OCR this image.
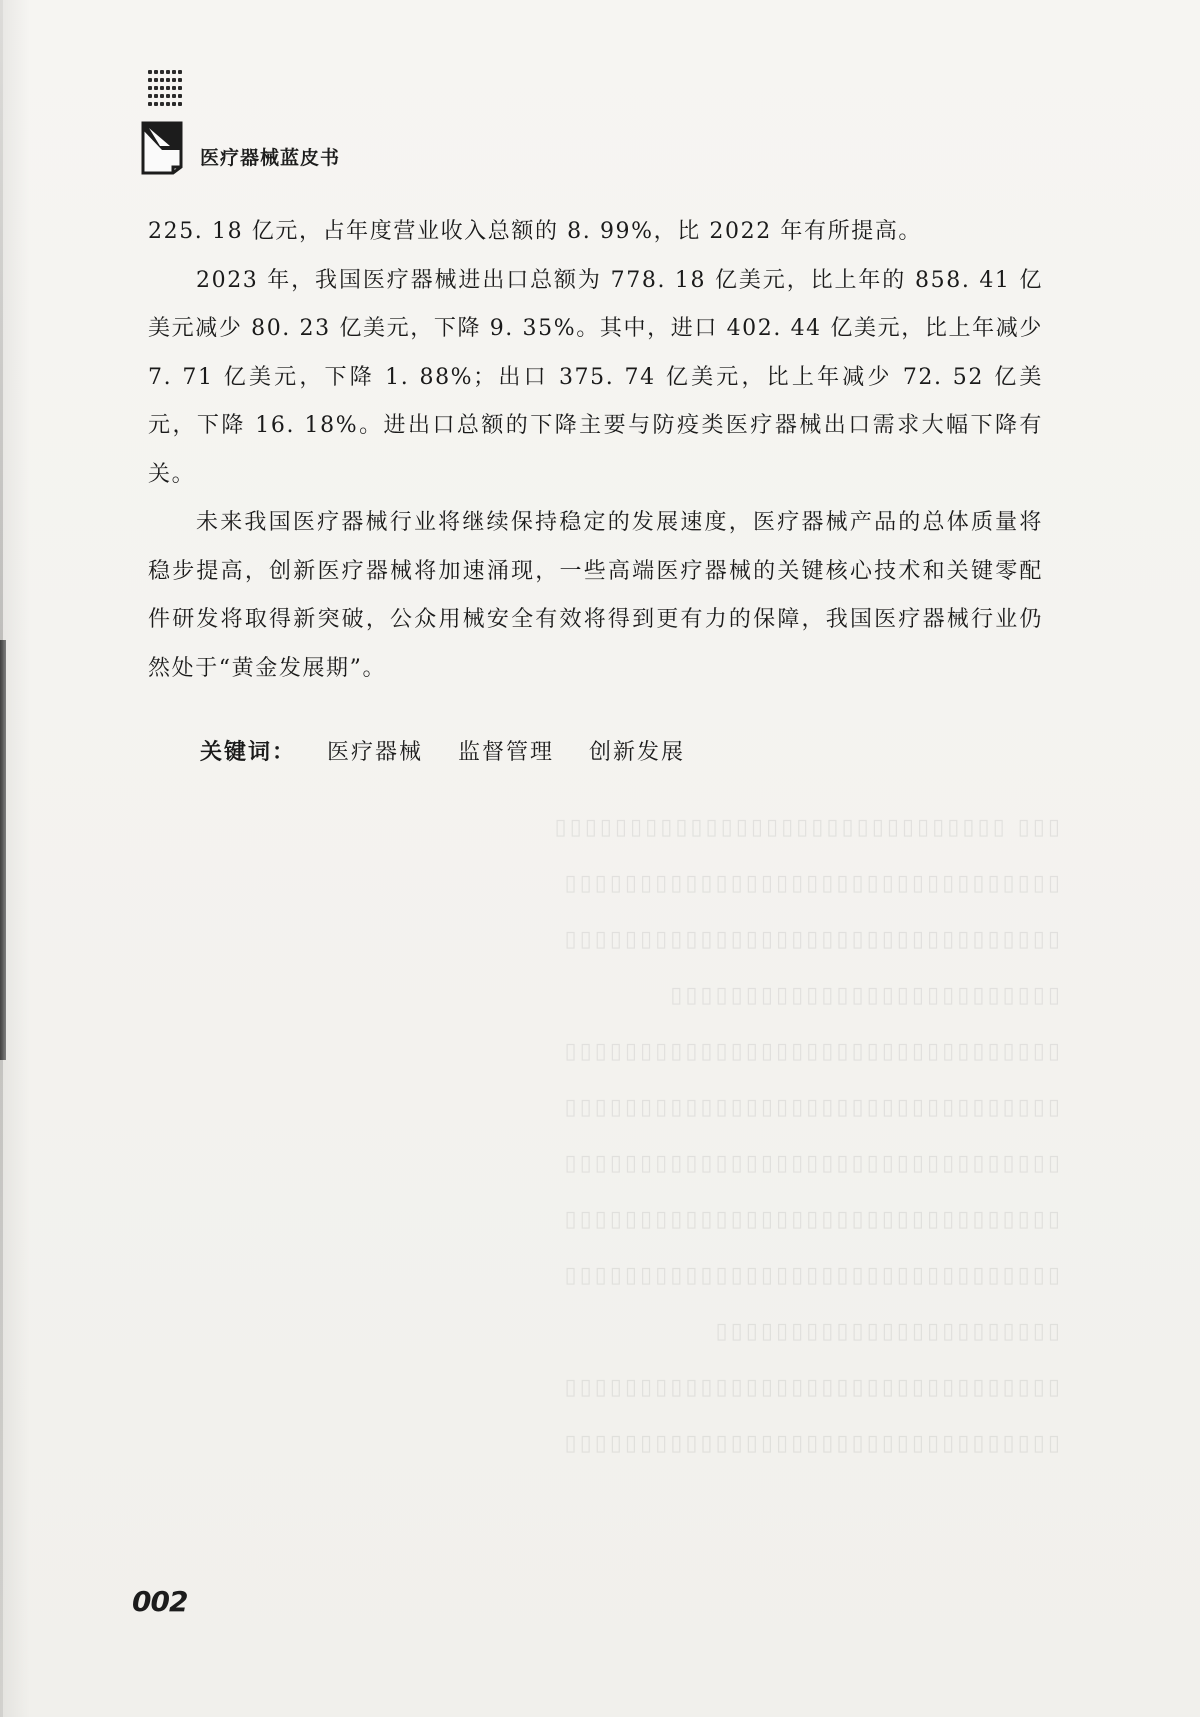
医疗器械蓝皮书

225. 18 亿元，占年度营业收入总额的 8. 99%，比 2022 年有所提高。

2023 年，我国医疗器械进出口总额为 778. 18 亿美元，比上年的 858. 41 亿美元减少 80. 23 亿美元，下降 9. 35%。其中，进口 402. 44 亿美元，比上年减少 7. 71 亿美元，下降 1. 88%；出口 375. 74 亿美元，比上年减少 72. 52 亿美元，下降 16. 18%。进出口总额的下降主要与防疫类医疗器械出口需求大幅下降有关。

未来我国医疗器械行业将继续保持稳定的发展速度，医疗器械产品的总体质量将稳步提高，创新医疗器械将加速涌现，一些高端医疗器械的关键核心技术和关键零配件研发将取得新突破，公众用械安全有效将得到更有力的保障，我国医疗器械行业仍然处于“黄金发展期”。

关键词： 医疗器械 监督管理 创新发展
▯▯▯ ▯▯▯▯▯▯▯▯▯▯▯▯▯▯▯▯▯▯▯▯▯▯▯▯▯▯▯▯▯▯
▯▯▯▯▯▯▯▯▯▯▯▯▯▯▯▯▯▯▯▯▯▯▯▯▯▯▯▯▯▯▯▯▯
▯▯▯▯▯▯▯▯▯▯▯▯▯▯▯▯▯▯▯▯▯▯▯▯▯▯▯▯▯▯▯▯▯
▯▯▯▯▯▯▯▯▯▯▯▯▯▯▯▯▯▯▯▯▯▯▯▯▯▯
▯▯▯▯▯▯▯▯▯▯▯▯▯▯▯▯▯▯▯▯▯▯▯▯▯▯▯▯▯▯▯▯▯
▯▯▯▯▯▯▯▯▯▯▯▯▯▯▯▯▯▯▯▯▯▯▯▯▯▯▯▯▯▯▯▯▯
▯▯▯▯▯▯▯▯▯▯▯▯▯▯▯▯▯▯▯▯▯▯▯▯▯▯▯▯▯▯▯▯▯
▯▯▯▯▯▯▯▯▯▯▯▯▯▯▯▯▯▯▯▯▯▯▯▯▯▯▯▯▯▯▯▯▯
▯▯▯▯▯▯▯▯▯▯▯▯▯▯▯▯▯▯▯▯▯▯▯▯▯▯▯▯▯▯▯▯▯
▯▯▯▯▯▯▯▯▯▯▯▯▯▯▯▯▯▯▯▯▯▯▯
▯▯▯▯▯▯▯▯▯▯▯▯▯▯▯▯▯▯▯▯▯▯▯▯▯▯▯▯▯▯▯▯▯
▯▯▯▯▯▯▯▯▯▯▯▯▯▯▯▯▯▯▯▯▯▯▯▯▯▯▯▯▯▯▯▯▯
002
